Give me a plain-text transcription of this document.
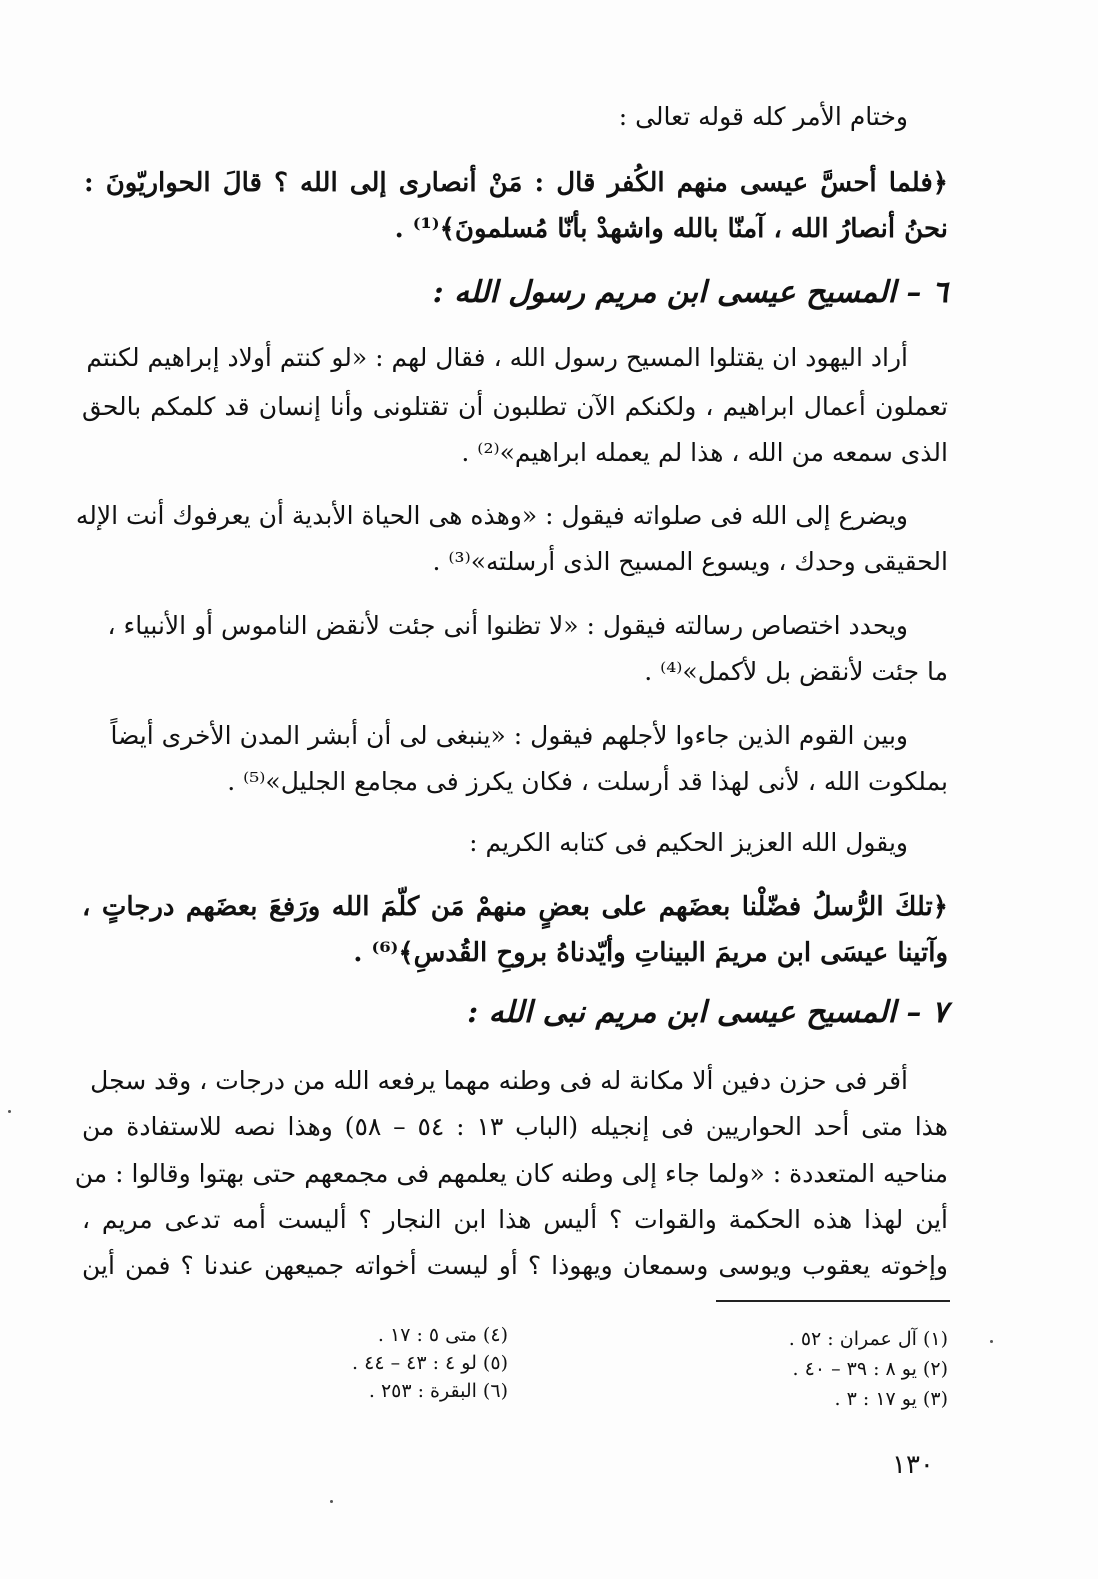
وختام الأمر كله قوله تعالى :
﴿فلما أحسَّ عيسى منهم الكُفر قال : مَنْ أنصارى إلى الله ؟ قالَ الحواريّونَ :
نحنُ أنصارُ الله ، آمنّا بالله واشهدْ بأنّا مُسلمونَ﴾⁽¹⁾ .
٦ – المسيح عيسى ابن مريم رسول الله :
أراد اليهود ان يقتلوا المسيح رسول الله ، فقال لهم : «لو كنتم أولاد إبراهيم لكنتم
تعملون أعمال ابراهيم ، ولكنكم الآن تطلبون أن تقتلونى وأنا إنسان قد كلمكم بالحق
الذى سمعه من الله ، هذا لم يعمله ابراهيم»⁽²⁾ .
ويضرع إلى الله فى صلواته فيقول : «وهذه هى الحياة الأبدية أن يعرفوك أنت الإله
الحقيقى وحدك ، ويسوع المسيح الذى أرسلته»⁽³⁾ .
ويحدد اختصاص رسالته فيقول : «لا تظنوا أنى جئت لأنقض الناموس أو الأنبياء ،
ما جئت لأنقض بل لأكمل»⁽⁴⁾ .
وبين القوم الذين جاءوا لأجلهم فيقول : «ينبغى لى أن أبشر المدن الأخرى أيضاً
بملكوت الله ، لأنى لهذا قد أرسلت ، فكان يكرز فى مجامع الجليل»⁽⁵⁾ .
ويقول الله العزيز الحكيم فى كتابه الكريم :
﴿تلكَ الرُّسلُ فضّلْنا بعضَهم على بعضٍ منهمْ مَن كلّمَ الله ورَفعَ بعضَهم درجاتٍ ،
وآتينا عيسَى ابن مريمَ البيناتِ وأيّدناهُ بروحِ القُدسِ﴾⁽⁶⁾ .
٧ – المسيح عيسى ابن مريم نبى الله :
أقر فى حزن دفين ألا مكانة له فى وطنه مهما يرفعه الله من درجات ، وقد سجل
هذا متى أحد الحواريين فى إنجيله (الباب ١٣ : ٥٤ – ٥٨) وهذا نصه للاستفادة من
مناحيه المتعددة : «ولما جاء إلى وطنه كان يعلمهم فى مجمعهم حتى بهتوا وقالوا : من
أين لهذا هذه الحكمة والقوات ؟ أليس هذا ابن النجار ؟ أليست أمه تدعى مريم ،
وإخوته يعقوب ويوسى وسمعان ويهوذا ؟ أو ليست أخواته جميعهن عندنا ؟ فمن أين
(١) آل عمران : ٥٢ .
(٢) يو ٨ : ٣٩ – ٤٠ .
(٣) يو ١٧ : ٣ .
(٤) متى ٥ : ١٧ .
(٥) لو ٤ : ٤٣ – ٤٤ .
(٦) البقرة : ٢٥٣ .
١٣٠
